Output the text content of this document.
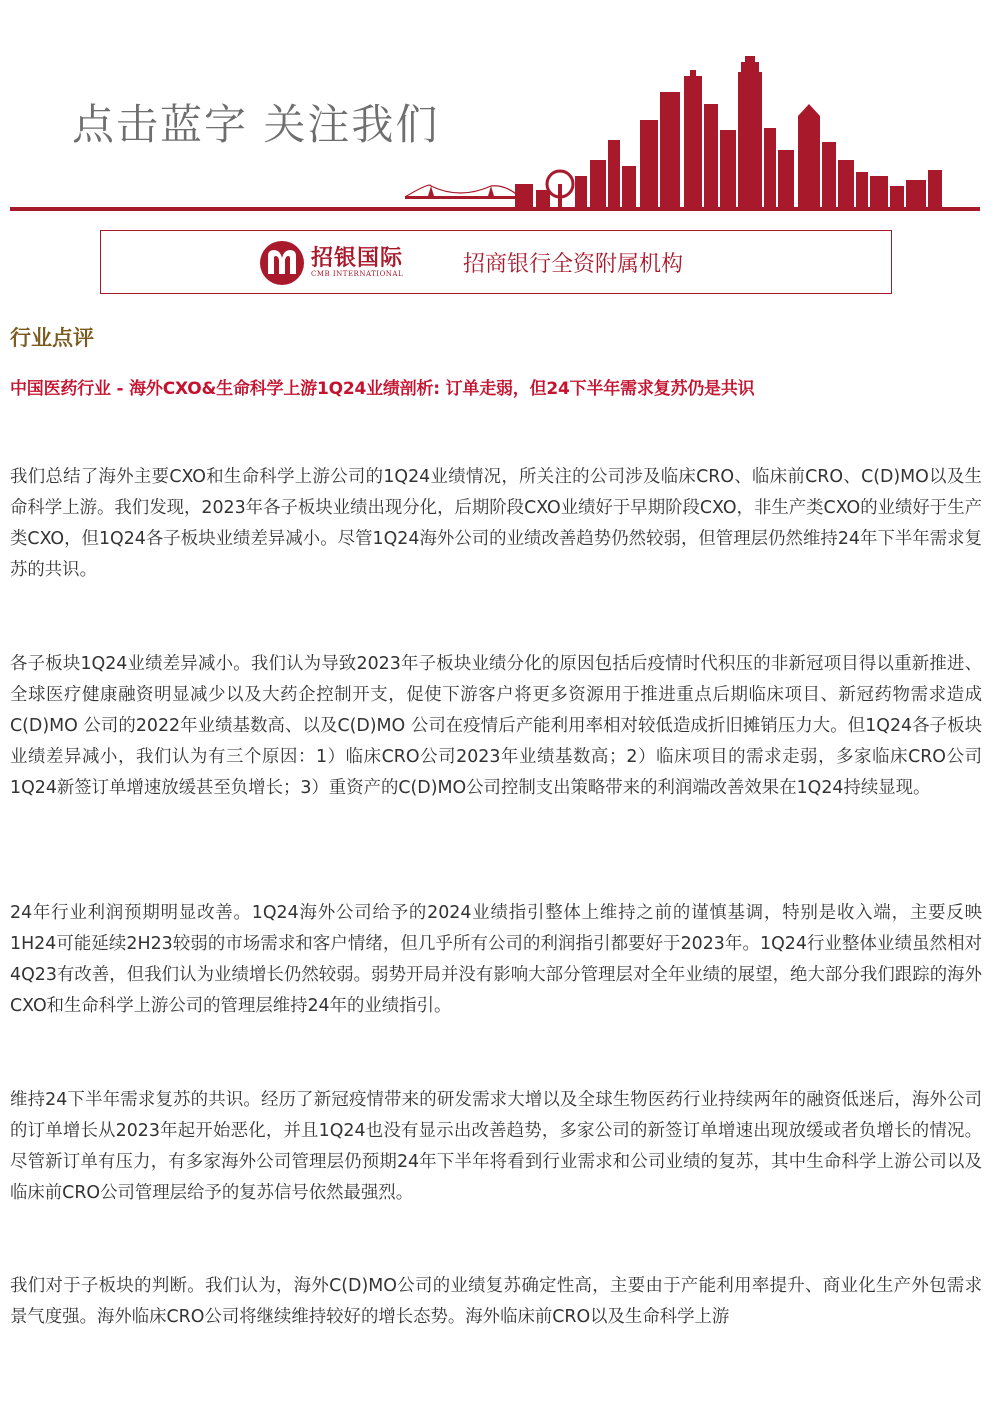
点击蓝字 关注我们
招银国际
CMB INTERNATIONAL	招商银行全资附属机构
行业点评
中国医药行业 - 海外CXO&生命科学上游1Q24业绩剖析: 订单走弱，但24下半年需求复苏仍是共识

我们总结了海外主要CXO和生命科学上游公司的1Q24业绩情况，所关注的公司涉及临床CRO、临床前CRO、C(D)MO以及生命科学上游。我们发现，2023年各子板块业绩出现分化，后期阶段CXO业绩好于早期阶段CXO，非生产类CXO的业绩好于生产类CXO，但1Q24各子板块业绩差异减小。尽管1Q24海外公司的业绩改善趋势仍然较弱，但管理层仍然维持24年下半年需求复苏的共识。

各子板块1Q24业绩差异减小。我们认为导致2023年子板块业绩分化的原因包括后疫情时代积压的非新冠项目得以重新推进、全球医疗健康融资明显减少以及大药企控制开支，促使下游客户将更多资源用于推进重点后期临床项目、新冠药物需求造成C(D)MO 公司的2022年业绩基数高、以及C(D)MO 公司在疫情后产能利用率相对较低造成折旧摊销压力大。但1Q24各子板块业绩差异减小，我们认为有三个原因：1）临床CRO公司2023年业绩基数高；2）临床项目的需求走弱，多家临床CRO公司1Q24新签订单增速放缓甚至负增长；3）重资产的C(D)MO公司控制支出策略带来的利润端改善效果在1Q24持续显现。

24年行业利润预期明显改善。1Q24海外公司给予的2024业绩指引整体上维持之前的谨慎基调，特别是收入端，主要反映1H24可能延续2H23较弱的市场需求和客户情绪，但几乎所有公司的利润指引都要好于2023年。1Q24行业整体业绩虽然相对4Q23有改善，但我们认为业绩增长仍然较弱。弱势开局并没有影响大部分管理层对全年业绩的展望，绝大部分我们跟踪的海外CXO和生命科学上游公司的管理层维持24年的业绩指引。

维持24下半年需求复苏的共识。经历了新冠疫情带来的研发需求大增以及全球生物医药行业持续两年的融资低迷后，海外公司的订单增长从2023年起开始恶化，并且1Q24也没有显示出改善趋势，多家公司的新签订单增速出现放缓或者负增长的情况。尽管新订单有压力，有多家海外公司管理层仍预期24年下半年将看到行业需求和公司业绩的复苏，其中生命科学上游公司以及临床前CRO公司管理层给予的复苏信号依然最强烈。

我们对于子板块的判断。我们认为，海外C(D)MO公司的业绩复苏确定性高，主要由于产能利用率提升、商业化生产外包需求景气度强。海外临床CRO公司将继续维持较好的增长态势。海外临床前CRO以及生命科学上游
